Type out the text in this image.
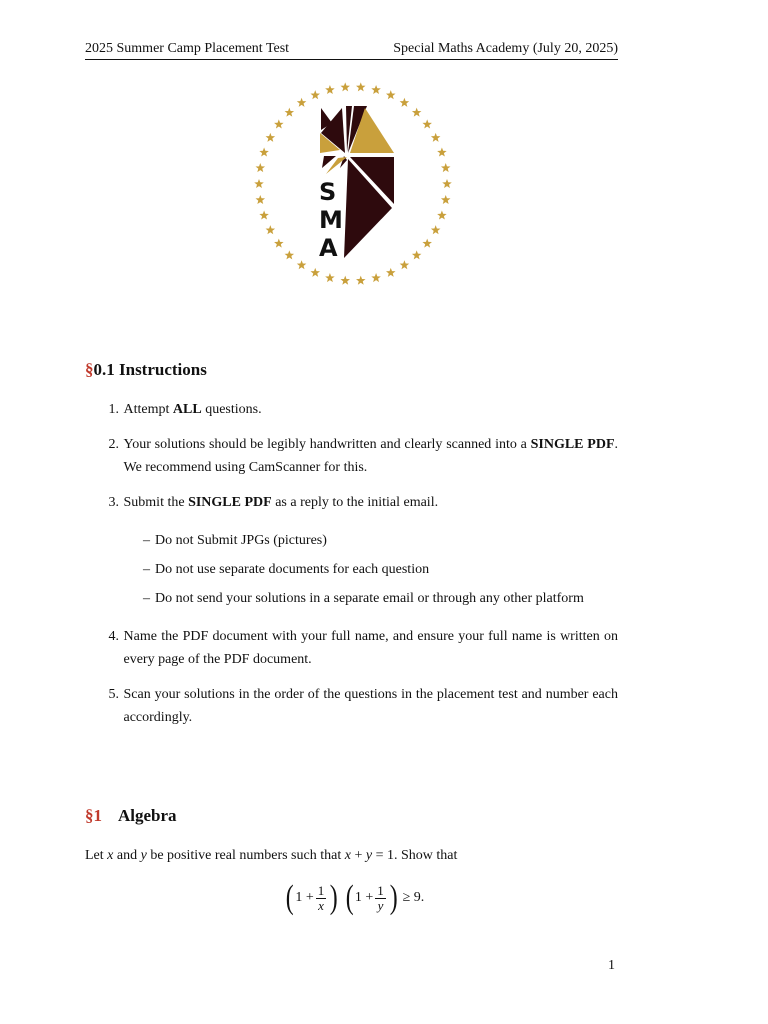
2025 Summer Camp Placement Test	Special Maths Academy (July 20, 2025)
S
M
A
§0.1 Instructions
1.
Attempt ALL questions.
2.
Your solutions should be legibly handwritten and clearly scanned into a SINGLE PDF. We recommend using CamScanner for this.
3.
Submit the SINGLE PDF as a reply to the initial email.
– Do not Submit JPGs (pictures)
– Do not use separate documents for each question
– Do not send your solutions in a separate email or through any other platform
4.
Name the PDF document with your full name, and ensure your full name is written on every page of the PDF document.
5.
Scan your solutions in the order of the questions in the placement test and number each accordingly.
§1 Algebra
Let x and y be positive real numbers such that x + y = 1. Show that
( 1
+ $\frac{1}{x}$ ) ( 1
+ $\frac{1}{y}$ )
≥ 9.
1
